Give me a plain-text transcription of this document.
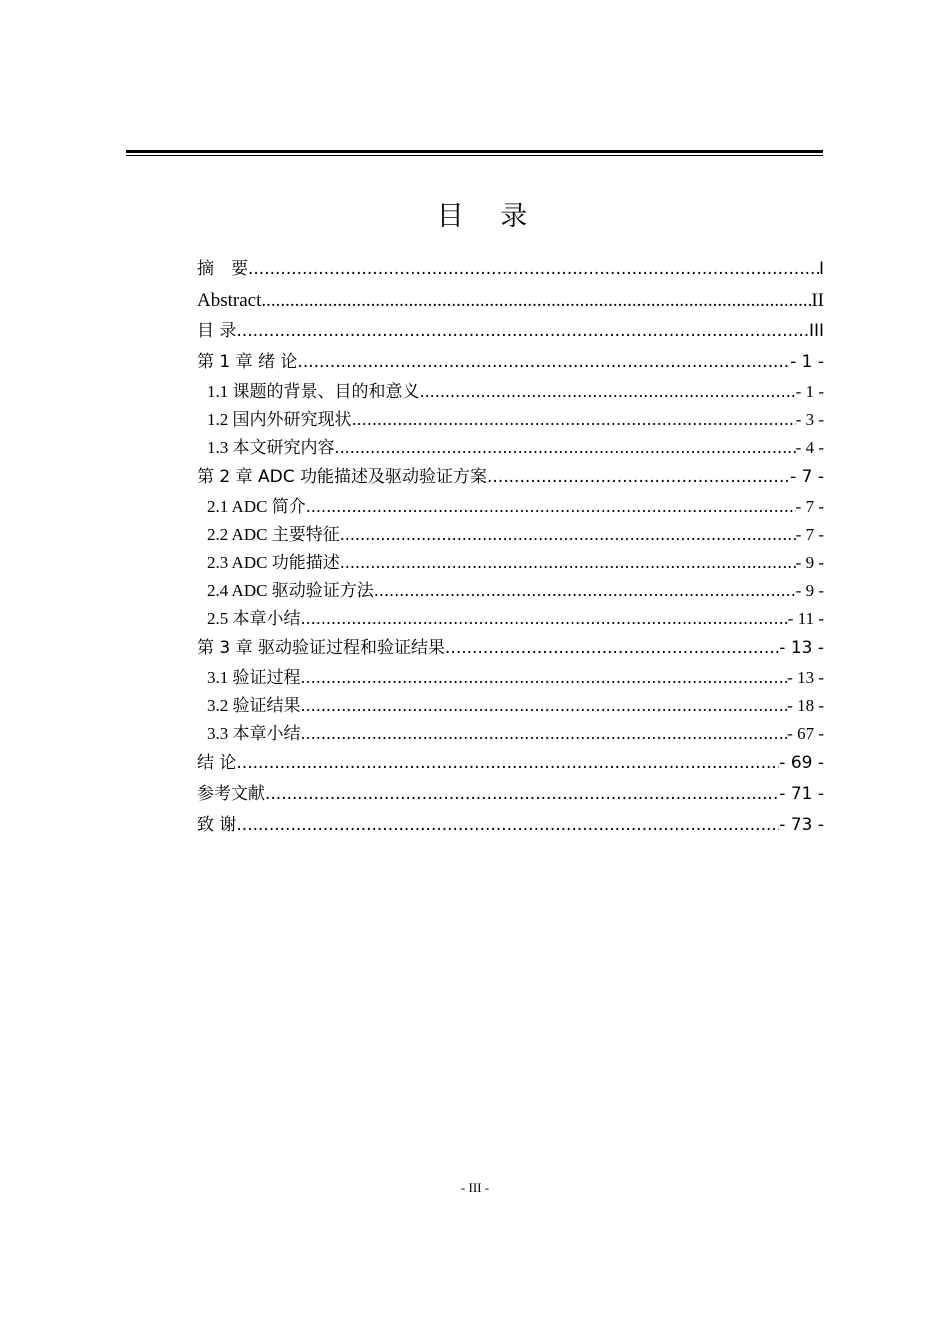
目 录
摘　要 .....	I
Abstract .....	II
目 录 .....	III
第 1 章 绪 论 .....	- 1 -
1.1 课题的背景、目的和意义 .....	- 1 -
1.2 国内外研究现状 .....	- 3 -
1.3 本文研究内容 .....	- 4 -
第 2 章 ADC 功能描述及驱动验证方案 .....	- 7 -
2.1 ADC 简介 .....	- 7 -
2.2 ADC 主要特征 .....	- 7 -
2.3 ADC 功能描述 .....	- 9 -
2.4 ADC 驱动验证方法 .....	- 9 -
2.5 本章小结 .....	- 11 -
第 3 章 驱动验证过程和验证结果 .....	- 13 -
3.1 验证过程 .....	- 13 -
3.2 验证结果 .....	- 18 -
3.3 本章小结 .....	- 67 -
结 论 .....	- 69 -
参考文献 .....	- 71 -
致 谢 .....	- 73 -
- III -
